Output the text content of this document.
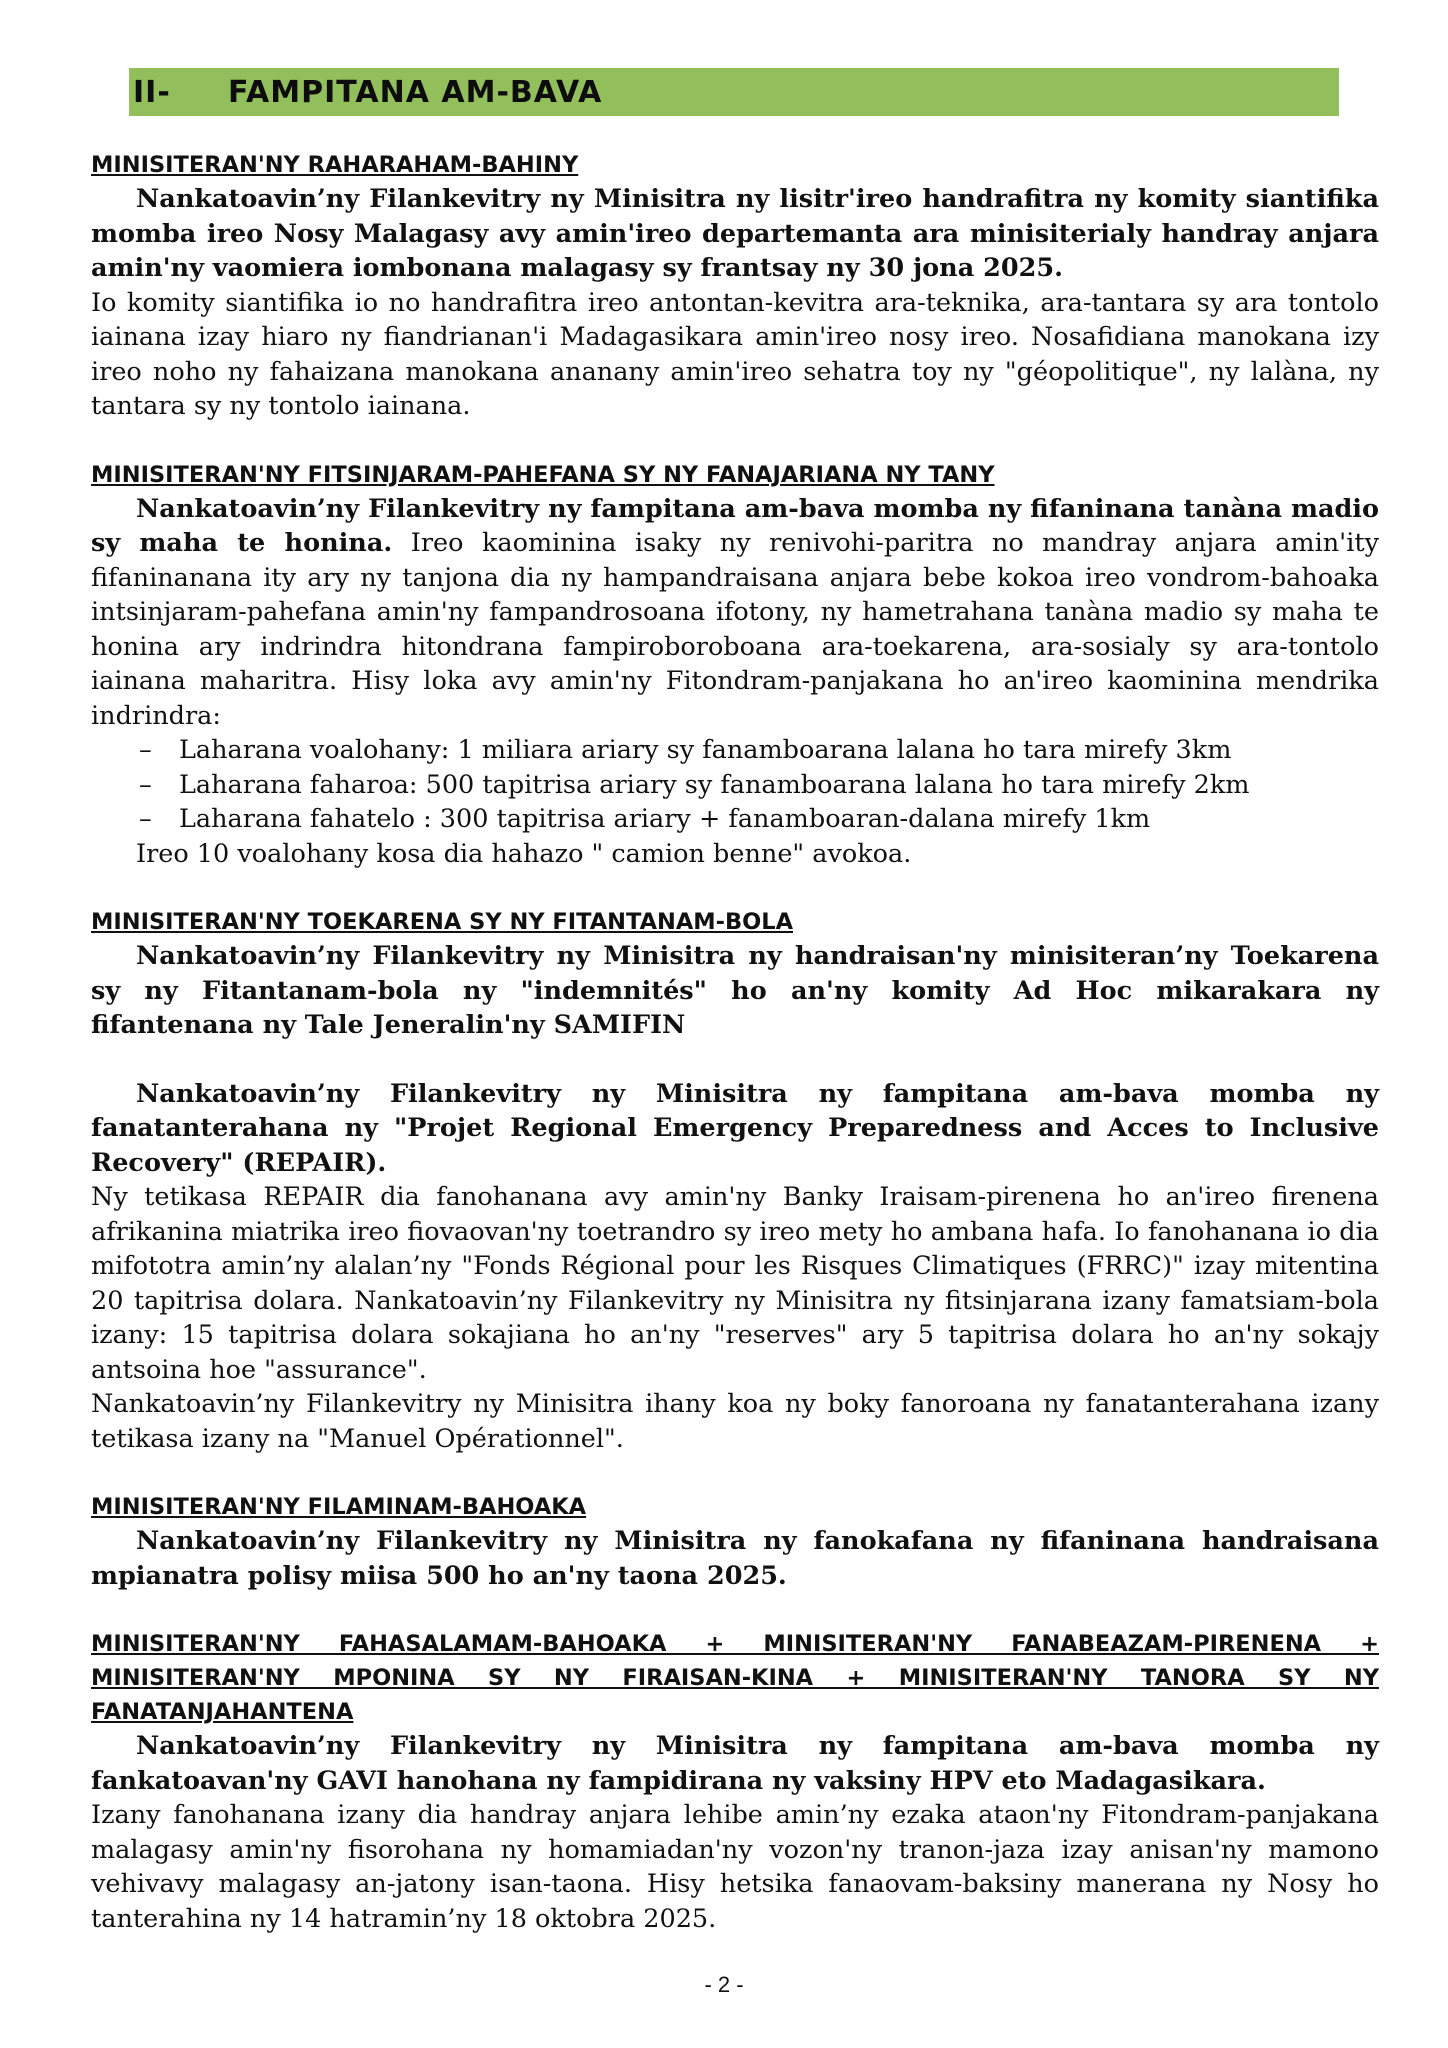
II-	FAMPITANA AM-BAVA
MINISITERAN'NY RAHARAHAM-BAHINY

Nankatoavin’ny Filankevitry ny Minisitra ny lisitr'ireo handrafitra ny komity siantifika momba ireo Nosy Malagasy avy amin'ireo departemanta ara minisiterialy handray anjara amin'ny vaomiera iombonana malagasy sy frantsay ny 30 jona 2025.

Io komity siantifika io no handrafitra ireo antontan-kevitra ara-teknika, ara-tantara sy ara tontolo iainana izay hiaro ny fiandrianan'i Madagasikara amin'ireo nosy ireo. Nosafidiana manokana izy ireo noho ny fahaizana manokana ananany amin'ireo sehatra toy ny "géopolitique", ny lalàna, ny tantara sy ny tontolo iainana.

MINISITERAN'NY FITSINJARAM-PAHEFANA SY NY FANAJARIANA NY TANY

Nankatoavin’ny Filankevitry ny fampitana am-bava momba ny fifaninana tanàna madio sy maha te honina. Ireo kaominina isaky ny renivohi-paritra no mandray anjara amin'ity fifaninanana ity ary ny tanjona dia ny hampandraisana anjara bebe kokoa ireo vondrom-bahoaka intsinjaram-pahefana amin'ny fampandrosoana ifotony, ny hametrahana tanàna madio sy maha te honina ary indrindra hitondrana fampiroboroboana ara-toekarena, ara-sosialy sy ara-tontolo iainana maharitra. Hisy loka avy amin'ny Fitondram-panjakana ho an'ireo kaominina mendrika indrindra:

– Laharana voalohany: 1 miliara ariary sy fanamboarana lalana ho tara mirefy 3km
– Laharana faharoa: 500 tapitrisa ariary sy fanamboarana lalana ho tara mirefy 2km
– Laharana fahatelo : 300 tapitrisa ariary + fanamboaran-dalana mirefy 1km

Ireo 10 voalohany kosa dia hahazo " camion benne" avokoa.

MINISITERAN'NY TOEKARENA SY NY FITANTANAM-BOLA

Nankatoavin’ny Filankevitry ny Minisitra ny handraisan'ny minisiteran’ny Toekarena sy ny Fitantanam-bola ny "indemnités" ho an'ny komity Ad Hoc mikarakara ny fifantenana ny Tale Jeneralin'ny SAMIFIN

Nankatoavin’ny Filankevitry ny Minisitra ny fampitana am-bava momba ny fanatanterahana ny "Projet Regional Emergency Preparedness and Acces to Inclusive Recovery" (REPAIR).

Ny tetikasa REPAIR dia fanohanana avy amin'ny Banky Iraisam-pirenena ho an'ireo firenena afrikanina miatrika ireo fiovaovan'ny toetrandro sy ireo mety ho ambana hafa. Io fanohanana io dia mifototra amin’ny alalan’ny "Fonds Régional pour les Risques Climatiques (FRRC)" izay mitentina 20 tapitrisa dolara. Nankatoavin’ny Filankevitry ny Minisitra ny fitsinjarana izany famatsiam-bola izany: 15 tapitrisa dolara sokajiana ho an'ny "reserves" ary 5 tapitrisa dolara ho an'ny sokajy antsoina hoe "assurance".

Nankatoavin’ny Filankevitry ny Minisitra ihany koa ny boky fanoroana ny fanatanterahana izany tetikasa izany na "Manuel Opérationnel".

MINISITERAN'NY FILAMINAM-BAHOAKA

Nankatoavin’ny Filankevitry ny Minisitra ny fanokafana ny fifaninana handraisana mpianatra polisy miisa 500 ho an'ny taona 2025.

MINISITERAN'NY FAHASALAMAM-BAHOAKA + MINISITERAN'NY FANABEAZAM-PIRENENA + MINISITERAN'NY MPONINA SY NY FIRAISAN-KINA + MINISITERAN'NY TANORA SY NY FANATANJAHANTENA

Nankatoavin’ny Filankevitry ny Minisitra ny fampitana am-bava momba ny fankatoavan'ny GAVI hanohana ny fampidirana ny vaksiny HPV eto Madagasikara.

Izany fanohanana izany dia handray anjara lehibe amin’ny ezaka ataon'ny Fitondram-panjakana malagasy amin'ny fisorohana ny homamiadan'ny vozon'ny tranon-jaza izay anisan'ny mamono vehivavy malagasy an-jatony isan-taona. Hisy hetsika fanaovam-baksiny manerana ny Nosy ho tanterahina ny 14 hatramin’ny 18 oktobra 2025.

- 2 -
